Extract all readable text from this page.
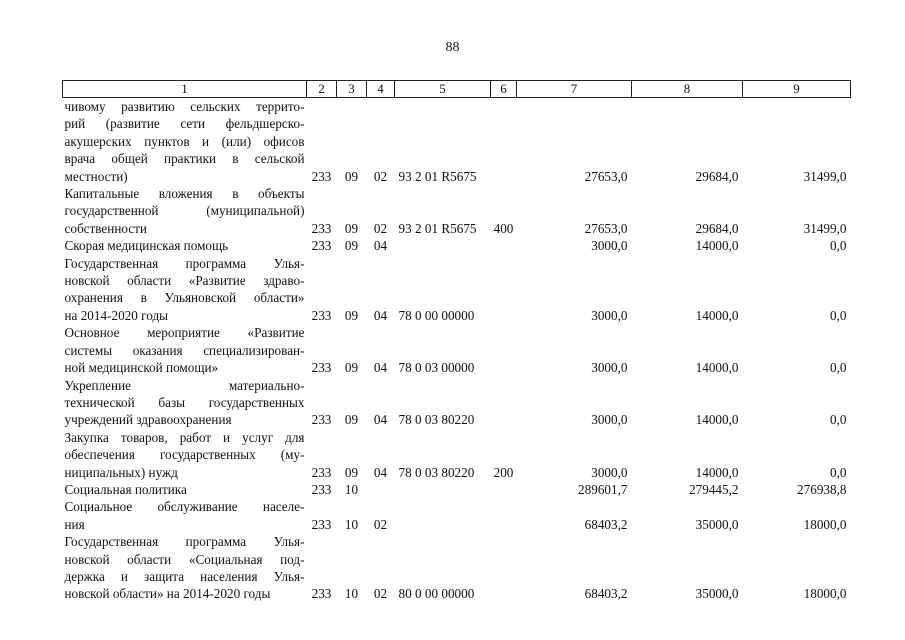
88
1	2	3	4	5	6	7	8	9

чивому развитию сельских террито-
рий (развитие сети фельдшерско-
акушерских пунктов и (или) офисов
врача общей практики в сельской
местности)	233	09	02	93 2 01 R5675		27653,0	29684,0	31499,0

Капитальные вложения в объекты
государственной (муниципальной)
собственности	233	09	02	93 2 01 R5675	400	27653,0	29684,0	31499,0

Скорая медицинская помощь	233	09	04			3000,0	14000,0	0,0

Государственная программа Улья-
новской области «Развитие здраво-
охранения в Ульяновской области»
на 2014-2020 годы	233	09	04	78 0 00 00000		3000,0	14000,0	0,0

Основное мероприятие «Развитие
системы оказания специализирован-
ной медицинской помощи»	233	09	04	78 0 03 00000		3000,0	14000,0	0,0

Укрепление материально-
технической базы государственных
учреждений здравоохранения	233	09	04	78 0 03 80220		3000,0	14000,0	0,0

Закупка товаров, работ и услуг для
обеспечения государственных (му-
ниципальных) нужд	233	09	04	78 0 03 80220	200	3000,0	14000,0	0,0

Социальная политика	233	10				289601,7	279445,2	276938,8

Социальное обслуживание населе-
ния	233	10	02			68403,2	35000,0	18000,0

Государственная программа Улья-
новской области «Социальная под-
держка и защита населения Улья-
новской области» на 2014-2020 годы	233	10	02	80 0 00 00000		68403,2	35000,0	18000,0
